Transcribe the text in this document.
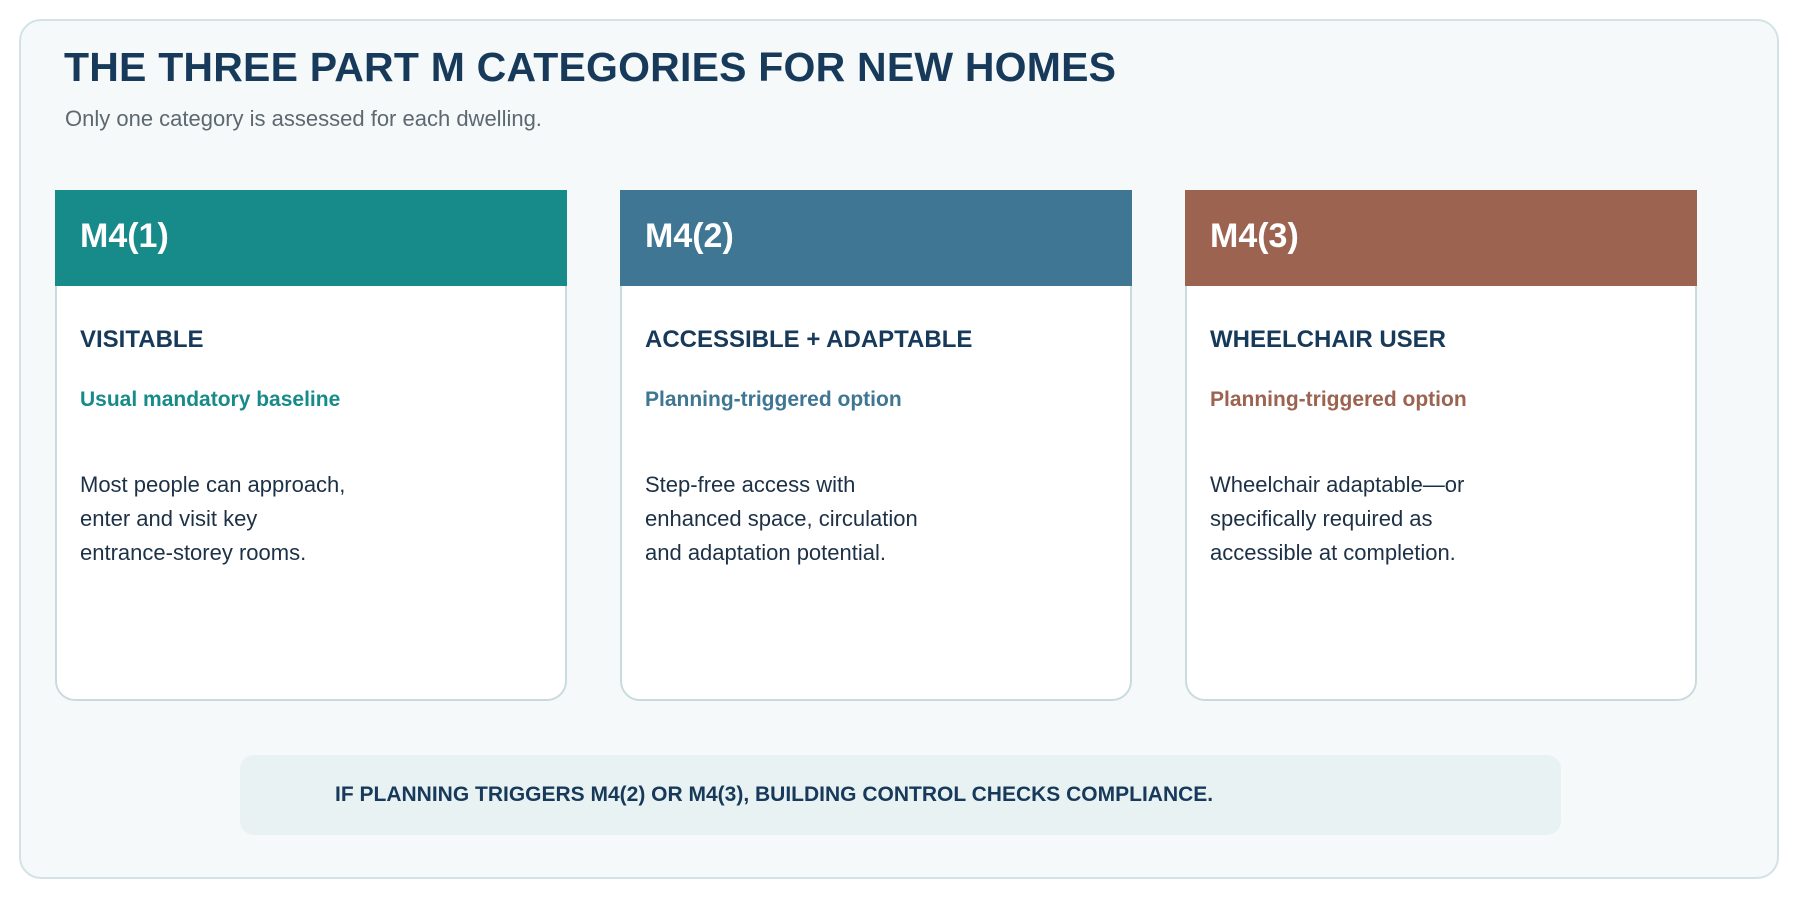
THE THREE PART M CATEGORIES FOR NEW HOMES

Only one category is assessed for each dwelling.

M4(1)
VISITABLE

Usual mandatory baseline

Most people can approach,
enter and visit key
entrance-storey rooms.

M4(2)
ACCESSIBLE + ADAPTABLE

Planning-triggered option

Step-free access with
enhanced space, circulation
and adaptation potential.

M4(3)
WHEELCHAIR USER

Planning-triggered option

Wheelchair adaptable—or
specifically required as
accessible at completion.

IF PLANNING TRIGGERS M4(2) OR M4(3), BUILDING CONTROL CHECKS COMPLIANCE.
